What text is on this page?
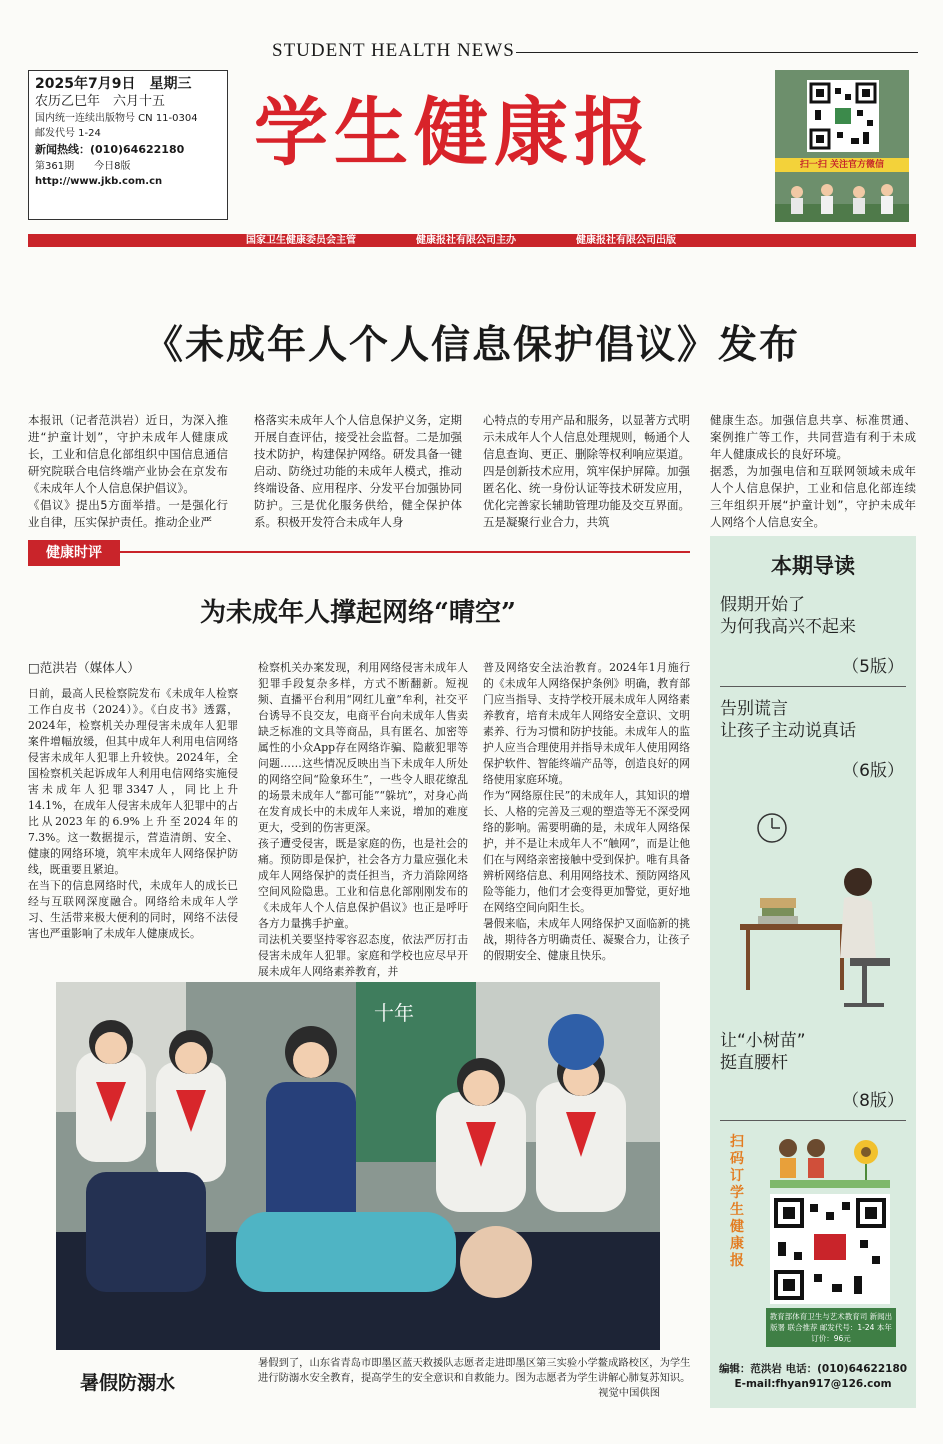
STUDENT HEALTH NEWS
2025年7月9日　 星期三
农历乙巳年　六月十五
国内统一连续出版物号 CN 11-0304
邮发代号 1-24
新闻热线：(010)64622180
第361期　　今日8版
http://www.jkb.com.cn
学生健康报	扫一扫 关注官方微信
国家卫生健康委员会主管	健康报社有限公司主办	健康报社有限公司出版
《未成年人个人信息保护倡议》发布
本报讯（记者范洪岩）近日，为深入推进“护童计划”，守护未成年人健康成长，工业和信息化部组织中国信息通信研究院联合电信终端产业协会在京发布《未成年人个人信息保护倡议》。
《倡议》提出5方面举措。一是强化行业自律，压实保护责任。推动企业严
格落实未成年人个人信息保护义务，定期开展自查评估，接受社会监督。二是加强技术防护，构建保护网络。研发具备一键启动、防绕过功能的未成年人模式，推动终端设备、应用程序、分发平台加强协同防护。三是优化服务供给，健全保护体系。积极开发符合未成年人身
心特点的专用产品和服务，以显著方式明示未成年人个人信息处理规则，畅通个人信息查询、更正、删除等权利响应渠道。四是创新技术应用，筑牢保护屏障。加强匿名化、统一身份认证等技术研发应用，优化完善家长辅助管理功能及交互界面。五是凝聚行业合力，共筑
健康生态。加强信息共享、标准贯通、案例推广等工作，共同营造有利于未成年人健康成长的良好环境。
据悉，为加强电信和互联网领域未成年人个人信息保护，工业和信息化部连续三年组织开展“护童计划”，守护未成年人网络个人信息安全。
健康时评
为未成年人撑起网络“晴空”
□范洪岩（媒体人）
日前，最高人民检察院发布《未成年人检察工作白皮书（2024）》。《白皮书》透露，2024年，检察机关办理侵害未成年人犯罪案件增幅放缓，但其中成年人利用电信网络侵害未成年人犯罪上升较快。2024年，全国检察机关起诉成年人利用电信网络实施侵害未成年人犯罪3347人，同比上升14.1%，在成年人侵害未成年人犯罪中的占比从2023年的6.9%上升至2024年的7.3%。这一数据提示，营造清朗、安全、健康的网络环境，筑牢未成年人网络保护防线，既重要且紧迫。
在当下的信息网络时代，未成年人的成长已经与互联网深度融合。网络给未成年人学习、生活带来极大便利的同时，网络不法侵害也严重影响了未成年人健康成长。
检察机关办案发现，利用网络侵害未成年人犯罪手段复杂多样，方式不断翻新。短视频、直播平台利用“网红儿童”牟利，社交平台诱导不良交友，电商平台向未成年人售卖缺乏标准的文具等商品，具有匿名、加密等属性的小众App存在网络诈骗、隐蔽犯罪等问题……这些情况反映出当下未成年人所处的网络空间“险象环生”，一些令人眼花缭乱的场景未成年人“都可能”“躲坑”，对身心尚在发育成长中的未成年人来说，增加的难度更大，受到的伤害更深。
孩子遭受侵害，既是家庭的伤，也是社会的痛。预防即是保护，社会各方力量应强化未成年人网络保护的责任担当，齐力消除网络空间风险隐患。工业和信息化部刚刚发布的《未成年人个人信息保护倡议》也正是呼吁各方力量携手护童。
司法机关要坚持零容忍态度，依法严厉打击侵害未成年人犯罪。家庭和学校也应尽早开展未成年人网络素养教育，并
普及网络安全法治教育。2024年1月施行的《未成年人网络保护条例》明确，教育部门应当指导、支持学校开展未成年人网络素养教育，培育未成年人网络安全意识、文明素养、行为习惯和防护技能。未成年人的监护人应当合理使用并指导未成年人使用网络保护软件、智能终端产品等，创造良好的网络使用家庭环境。
作为“网络原住民”的未成年人，其知识的增长、人格的完善及三观的塑造等无不深受网络的影响。需要明确的是，未成年人网络保护，并不是让未成年人不“触网”，而是让他们在与网络亲密接触中受到保护。唯有具备辨析网络信息、利用网络技术、预防网络风险等能力，他们才会变得更加警觉，更好地在网络空间向阳生长。
暑假来临，未成年人网络保护又面临新的挑战，期待各方明确责任、凝聚合力，让孩子的假期安全、健康且快乐。
十年
暑假防溺水
暑假到了，山东省青岛市即墨区蓝天救援队志愿者走进即墨区第三实验小学鳌成路校区，为学生进行防溺水安全教育，提高学生的安全意识和自救能力。图为志愿者为学生讲解心肺复苏知识。
视觉中国供图
本期导读
假期开始了
为何我高兴不起来
（5版）
告别谎言
让孩子主动说真话
（6版）
让“小树苗”
挺直腰杆
（8版）
扫码订学生健康报
教育部体育卫生与艺术教育司 新闻出版署 联合推荐 邮发代号：1-24 本年订价：96元
编辑：范洪岩 电话：(010)64622180
E-mail:fhyan917@126.com
